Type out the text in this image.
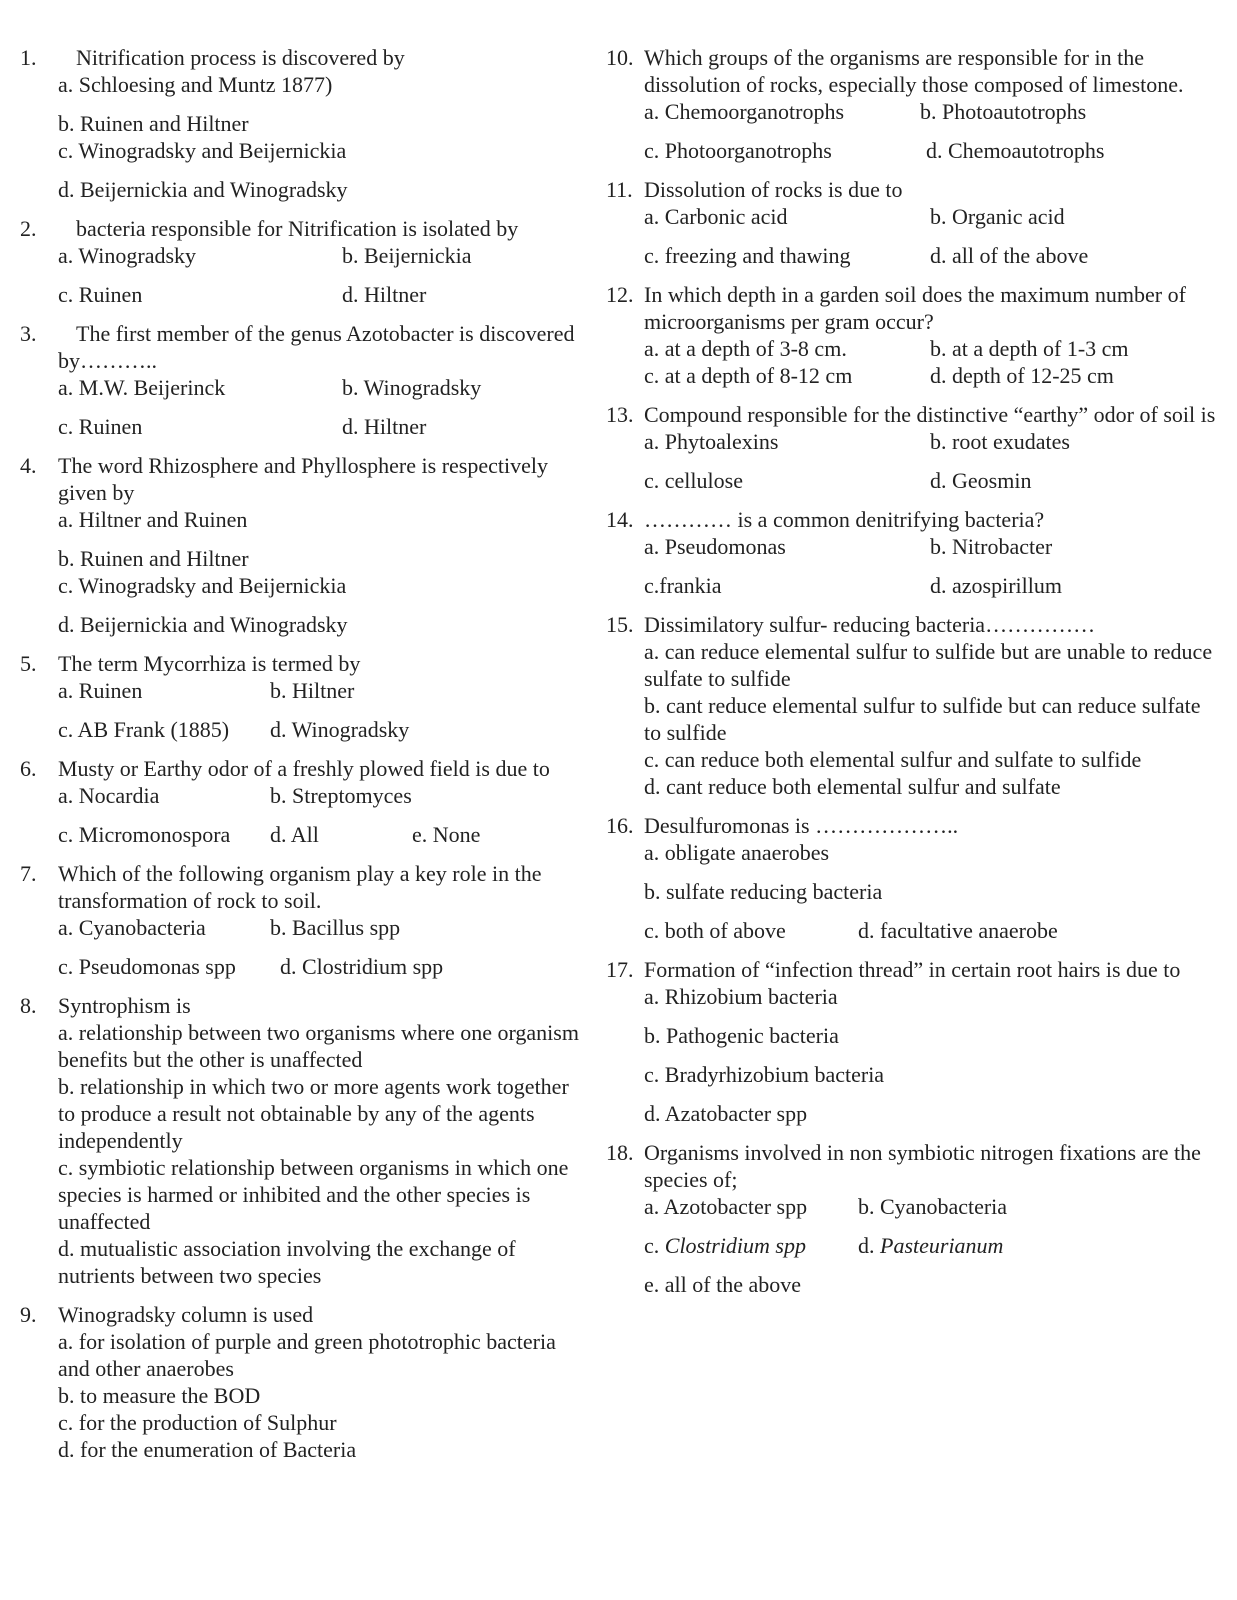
1.	Nitrification process is discovered by
a. Schloesing and Muntz 1877)
b. Ruinen and Hiltner
c. Winogradsky and Beijernickia
d. Beijernickia and Winogradsky
2.	bacteria responsible for Nitrification is isolated by
a. Winogradsky	b. Beijernickia
c. Ruinen	d. Hiltner
3.	The first member of the genus Azotobacter is discovered by………..
a. M.W. Beijerinck	b. Winogradsky
c. Ruinen	d. Hiltner
4. The word Rhizosphere and Phyllosphere is respectively given by
a. Hiltner and Ruinen
b. Ruinen and Hiltner
c. Winogradsky and Beijernickia
d. Beijernickia and Winogradsky
5. The term Mycorrhiza is termed by
a. Ruinen	b. Hiltner
c. AB Frank (1885)	d. Winogradsky
6. Musty or Earthy odor of a freshly plowed field is due to
a. Nocardia	b. Streptomyces
c. Micromonospora	d. All	e. None
7. Which of the following organism play a key role in the transformation of rock to soil.
a. Cyanobacteria	b. Bacillus spp
c. Pseudomonas spp	d. Clostridium spp
8. Syntrophism is
a. relationship between two organisms where one organism benefits but the other is unaffected
b. relationship in which two or more agents work together to produce a result not obtainable by any of the agents independently
c. symbiotic relationship between organisms in which one species is harmed or inhibited and the other species is unaffected
d. mutualistic association involving the exchange of nutrients between two species
9. Winogradsky column is used
a. for isolation of purple and green phototrophic bacteria and other anaerobes
b. to measure the BOD
c. for the production of Sulphur
d. for the enumeration of Bacteria
10. Which groups of the organisms are responsible for in the dissolution of rocks, especially those composed of limestone.
a. Chemoorganotrophs	b. Photoautotrophs
c. Photoorganotrophs	d. Chemoautotrophs
11. Dissolution of rocks is due to
a. Carbonic acid	b. Organic acid
c. freezing and thawing	d. all of the above
12. In which depth in a garden soil does the maximum number of microorganisms per gram occur?
a. at a depth of 3-8 cm.	b. at a depth of 1-3 cm
c. at a depth of 8-12 cm	d. depth of 12-25 cm
13. Compound responsible for the distinctive “earthy” odor of soil is
a. Phytoalexins	b. root exudates
c. cellulose	d. Geosmin
14. ………… is a common denitrifying bacteria?
a. Pseudomonas	b. Nitrobacter
c.frankia	d. azospirillum
15. Dissimilatory sulfur- reducing bacteria……………
a. can reduce elemental sulfur to sulfide but are unable to reduce sulfate to sulfide
b. cant reduce elemental sulfur to sulfide but can reduce sulfate to sulfide
c. can reduce both elemental sulfur and sulfate to sulfide
d. cant reduce both elemental sulfur and sulfate
16. Desulfuromonas is ………………..
a. obligate anaerobes
b. sulfate reducing bacteria
c. both of above	d. facultative anaerobe
17. Formation of “infection thread” in certain root hairs is due to
a. Rhizobium bacteria
b. Pathogenic bacteria
c. Bradyrhizobium bacteria
d. Azatobacter spp
18. Organisms involved in non symbiotic nitrogen fixations are the species of;
a. Azotobacter spp	b. Cyanobacteria
c. Clostridium spp	d. Pasteurianum
e. all of the above
